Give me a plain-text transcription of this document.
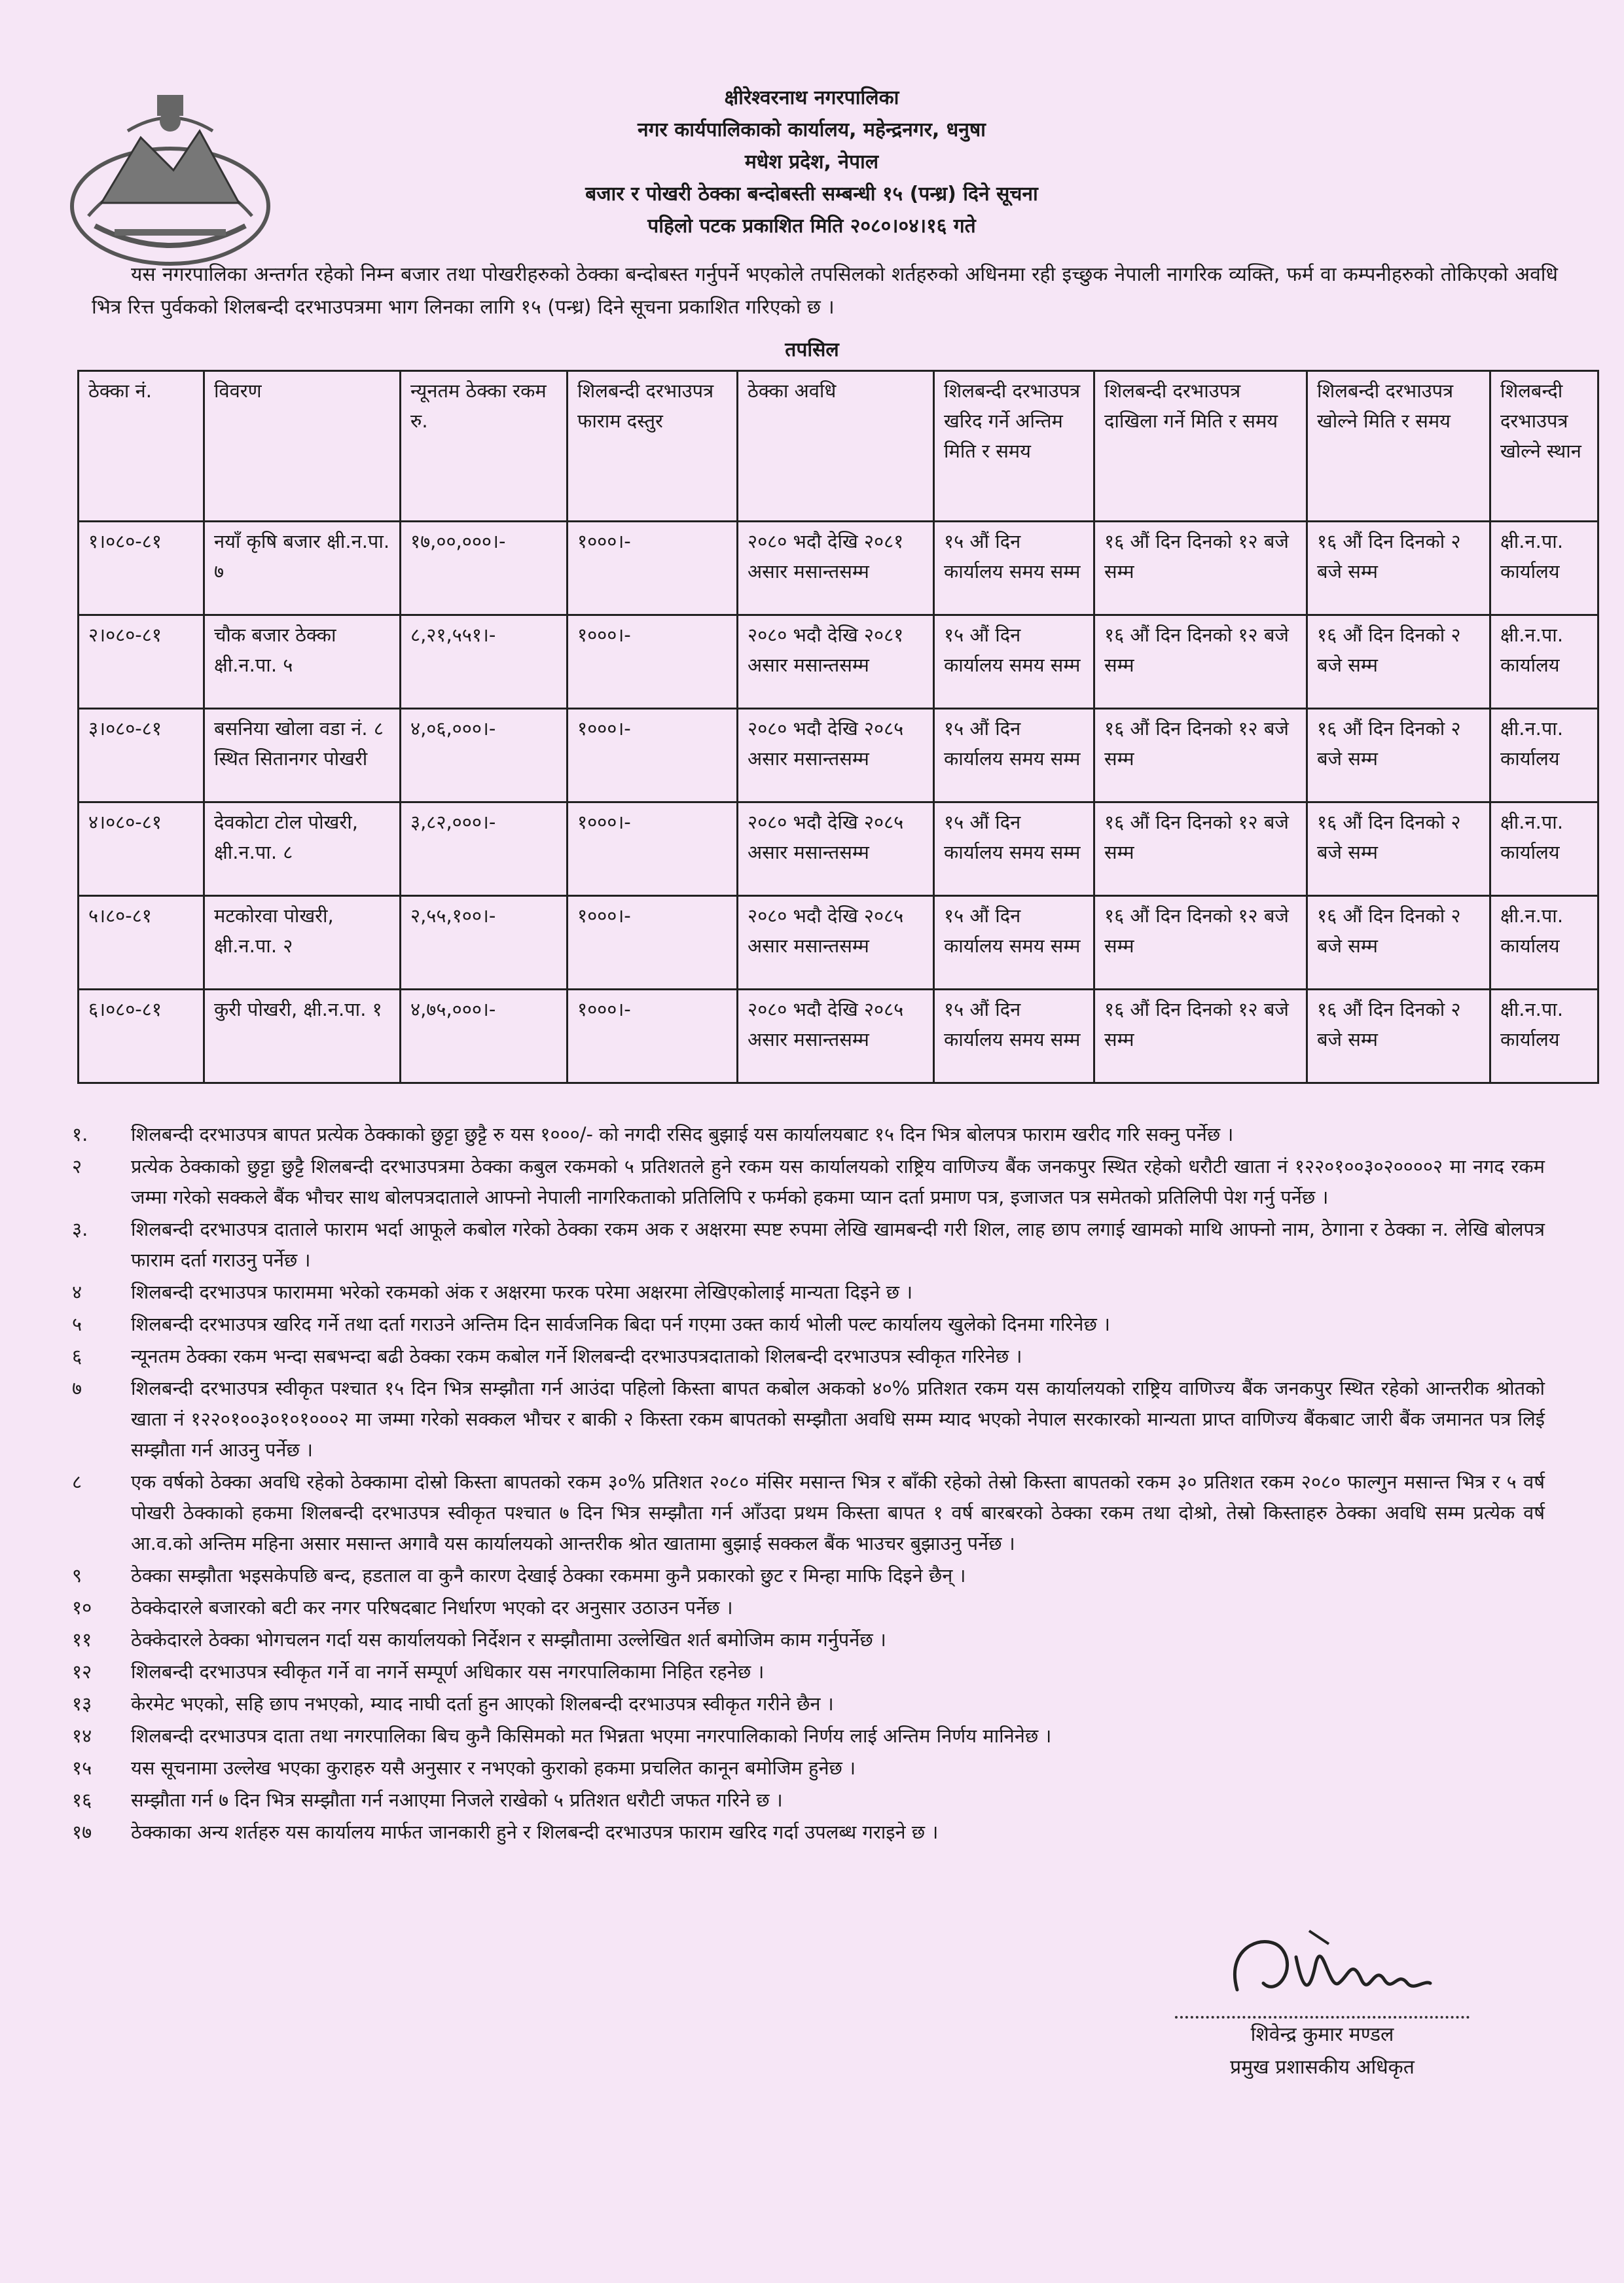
क्षीरेश्वरनाथ नगरपालिका
नगर कार्यपालिकाको कार्यालय, महेन्द्रनगर, धनुषा
मधेश प्रदेश, नेपाल
बजार र पोखरी ठेक्का बन्दोबस्ती सम्बन्धी १५ (पन्ध्र) दिने सूचना
पहिलो पटक प्रकाशित मिति २०८०।०४।१६ गते
यस नगरपालिका अन्तर्गत रहेको निम्न बजार तथा पोखरीहरुको ठेक्का बन्दोबस्त गर्नुपर्ने भएकोले तपसिलको शर्तहरुको अधिनमा रही इच्छुक नेपाली नागरिक व्यक्ति, फर्म वा कम्पनीहरुको तोकिएको अवधि भित्र रित्त पुर्वकको शिलबन्दी दरभाउपत्रमा भाग लिनका लागि १५ (पन्ध्र) दिने सूचना प्रकाशित गरिएको छ ।
तपसिल
ठेक्का नं.	विवरण	न्यूनतम ठेक्का रकम रु.	शिलबन्दी दरभाउपत्र फाराम दस्तुर	ठेक्का अवधि	शिलबन्दी दरभाउपत्र खरिद गर्ने अन्तिम मिति र समय	शिलबन्दी दरभाउपत्र दाखिला गर्ने मिति र समय	शिलबन्दी दरभाउपत्र खोल्ने मिति र समय	शिलबन्दी दरभाउपत्र खोल्ने स्थान
१।०८०-८१	नयाँ कृषि बजार क्षी.न.पा. ७	१७,००,०००।-	१०००।-	२०८० भदौ देखि २०८१ असार मसान्तसम्म	१५ औं दिन कार्यालय समय सम्म	१६ औं दिन दिनको १२ बजे सम्म	१६ औं दिन दिनको २ बजे सम्म	क्षी.न.पा. कार्यालय
२।०८०-८१	चौक बजार ठेक्का क्षी.न.पा. ५	८,२१,५५१।-	१०००।-	२०८० भदौ देखि २०८१ असार मसान्तसम्म	१५ औं दिन कार्यालय समय सम्म	१६ औं दिन दिनको १२ बजे सम्म	१६ औं दिन दिनको २ बजे सम्म	क्षी.न.पा. कार्यालय
३।०८०-८१	बसनिया खोला वडा नं. ८ स्थित सितानगर पोखरी	४,०६,०००।-	१०००।-	२०८० भदौ देखि २०८५ असार मसान्तसम्म	१५ औं दिन कार्यालय समय सम्म	१६ औं दिन दिनको १२ बजे सम्म	१६ औं दिन दिनको २ बजे सम्म	क्षी.न.पा. कार्यालय
४।०८०-८१	देवकोटा टोल पोखरी, क्षी.न.पा. ८	३,८२,०००।-	१०००।-	२०८० भदौ देखि २०८५ असार मसान्तसम्म	१५ औं दिन कार्यालय समय सम्म	१६ औं दिन दिनको १२ बजे सम्म	१६ औं दिन दिनको २ बजे सम्म	क्षी.न.पा. कार्यालय
५।८०-८१	मटकोरवा पोखरी, क्षी.न.पा. २	२,५५,१००।-	१०००।-	२०८० भदौ देखि २०८५ असार मसान्तसम्म	१५ औं दिन कार्यालय समय सम्म	१६ औं दिन दिनको १२ बजे सम्म	१६ औं दिन दिनको २ बजे सम्म	क्षी.न.पा. कार्यालय
६।०८०-८१	कुरी पोखरी, क्षी.न.पा. १	४,७५,०००।-	१०००।-	२०८० भदौ देखि २०८५ असार मसान्तसम्म	१५ औं दिन कार्यालय समय सम्म	१६ औं दिन दिनको १२ बजे सम्म	१६ औं दिन दिनको २ बजे सम्म	क्षी.न.पा. कार्यालय
१.	शिलबन्दी दरभाउपत्र बापत प्रत्येक ठेक्काको छुट्टा छुट्टै रु यस १०००/- को नगदी रसिद बुझाई यस कार्यालयबाट १५ दिन भित्र बोलपत्र फाराम खरीद गरि सक्नु पर्नेछ ।
२	प्रत्येक ठेक्काको छुट्टा छुट्टै शिलबन्दी दरभाउपत्रमा ठेक्का कबुल रकमको ५ प्रतिशतले हुने रकम यस कार्यालयको राष्ट्रिय वाणिज्य बैंक जनकपुर स्थित रहेको धरौटी खाता नं १२२०१००३०२००००२ मा नगद रकम जम्मा गरेको सक्कले बैंक भौचर साथ बोलपत्रदाताले आफ्नो नेपाली नागरिकताको प्रतिलिपि र फर्मको हकमा प्यान दर्ता प्रमाण पत्र, इजाजत पत्र समेतको प्रतिलिपी पेश गर्नु पर्नेछ ।
३.	शिलबन्दी दरभाउपत्र दाताले फाराम भर्दा आफूले कबोल गरेको ठेक्का रकम अक र अक्षरमा स्पष्ट रुपमा लेखि खामबन्दी गरी शिल, लाह छाप लगाई खामको माथि आफ्नो नाम, ठेगाना र ठेक्का न. लेखि बोलपत्र फाराम दर्ता गराउनु पर्नेछ ।
४	शिलबन्दी दरभाउपत्र फाराममा भरेको रकमको अंक र अक्षरमा फरक परेमा अक्षरमा लेखिएकोलाई मान्यता दिइने छ ।
५	शिलबन्दी दरभाउपत्र खरिद गर्ने तथा दर्ता गराउने अन्तिम दिन सार्वजनिक बिदा पर्न गएमा उक्त कार्य भोली पल्ट कार्यालय खुलेको दिनमा गरिनेछ ।
६	न्यूनतम ठेक्का रकम भन्दा सबभन्दा बढी ठेक्का रकम कबोल गर्ने शिलबन्दी दरभाउपत्रदाताको शिलबन्दी दरभाउपत्र स्वीकृत गरिनेछ ।
७	शिलबन्दी दरभाउपत्र स्वीकृत पश्चात १५ दिन भित्र सम्झौता गर्न आउंदा पहिलो किस्ता बापत कबोल अकको ४०% प्रतिशत रकम यस कार्यालयको राष्ट्रिय वाणिज्य बैंक जनकपुर स्थित रहेको आन्तरीक श्रोतको खाता नं १२२०१००३०१०१०००२ मा जम्मा गरेको सक्कल भौचर र बाकी २ किस्ता रकम बापतको सम्झौता अवधि सम्म म्याद भएको नेपाल सरकारको मान्यता प्राप्त वाणिज्य बैंकबाट जारी बैंक जमानत पत्र लिई सम्झौता गर्न आउनु पर्नेछ ।
८	एक वर्षको ठेक्का अवधि रहेको ठेक्कामा दोस्रो किस्ता बापतको रकम ३०% प्रतिशत २०८० मंसिर मसान्त भित्र र बाँकी रहेको तेस्रो किस्ता बापतको रकम ३० प्रतिशत रकम २०८० फाल्गुन मसान्त भित्र र ५ वर्ष पोखरी ठेक्काको हकमा शिलबन्दी दरभाउपत्र स्वीकृत पश्चात ७ दिन भित्र सम्झौता गर्न आँउदा प्रथम किस्ता बापत १ वर्ष बारबरको ठेक्का रकम तथा दोश्रो, तेस्रो किस्ताहरु ठेक्का अवधि सम्म प्रत्येक वर्ष आ.व.को अन्तिम महिना असार मसान्त अगावै यस कार्यालयको आन्तरीक श्रोत खातामा बुझाई सक्कल बैंक भाउचर बुझाउनु पर्नेछ ।
९	ठेक्का सम्झौता भइसकेपछि बन्द, हडताल वा कुनै कारण देखाई ठेक्का रकममा कुनै प्रकारको छुट र मिन्हा माफि दिइने छैन् ।
१०	ठेक्केदारले बजारको बटी कर नगर परिषदबाट निर्धारण भएको दर अनुसार उठाउन पर्नेछ ।
११	ठेक्केदारले ठेक्का भोगचलन गर्दा यस कार्यालयको निर्देशन र सम्झौतामा उल्लेखित शर्त बमोजिम काम गर्नुपर्नेछ ।
१२	शिलबन्दी दरभाउपत्र स्वीकृत गर्ने वा नगर्ने सम्पूर्ण अधिकार यस नगरपालिकामा निहित रहनेछ ।
१३	केरमेट भएको, सहि छाप नभएको, म्याद नाघी दर्ता हुन आएको शिलबन्दी दरभाउपत्र स्वीकृत गरीने छैन ।
१४	शिलबन्दी दरभाउपत्र दाता तथा नगरपालिका बिच कुनै किसिमको मत भिन्नता भएमा नगरपालिकाको निर्णय लाई अन्तिम निर्णय मानिनेछ ।
१५	यस सूचनामा उल्लेख भएका कुराहरु यसै अनुसार र नभएको कुराको हकमा प्रचलित कानून बमोजिम हुनेछ ।
१६	सम्झौता गर्न ७ दिन भित्र सम्झौता गर्न नआएमा निजले राखेको ५ प्रतिशत धरौटी जफत गरिने छ ।
१७	ठेक्काका अन्य शर्तहरु यस कार्यालय मार्फत जानकारी हुने र शिलबन्दी दरभाउपत्र फाराम खरिद गर्दा उपलब्ध गराइने छ ।
शिवेन्द्र कुमार मण्डल
प्रमुख प्रशासकीय अधिकृत
